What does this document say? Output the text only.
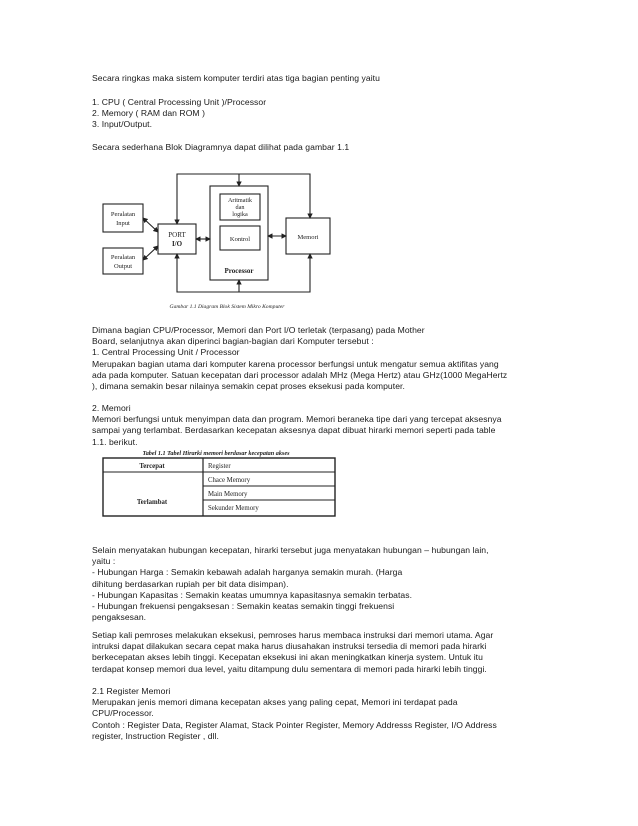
Secara ringkas maka sistem komputer terdiri atas tiga bagian penting yaitu
1. CPU ( Central Processing Unit )/Processor
2. Memory ( RAM dan ROM )
3. Input/Output.
Secara sederhana Blok Diagramnya dapat dilihat pada gambar 1.1
Peralatan
Input
Peralatan
Output
PORT
I/O
Aritmatik
dan
logika
Kontrol
Processor
Memori
Gambar 1.1 Diagram Blok Sistem Mikro Komputer
Dimana bagian CPU/Processor, Memori dan Port I/O terletak (terpasang) pada Mother
Board, selanjutnya akan diperinci bagian-bagian dari Komputer tersebut :
1. Central Processing Unit / Processor
Merupakan bagian utama dari komputer karena processor berfungsi untuk mengatur semua aktifitas yang
ada pada komputer. Satuan kecepatan dari processor adalah MHz (Mega Hertz) atau GHz(1000 MegaHertz
), dimana semakin besar nilainya semakin cepat proses eksekusi pada komputer.
2. Memori
Memori berfungsi untuk menyimpan data dan program. Memori beraneka tipe dari yang tercepat aksesnya
sampai yang terlambat. Berdasarkan kecepatan aksesnya dapat dibuat hirarki memori seperti pada table
1.1. berikut.
Tabel 1.1 Tabel Hirarki memori berdasar kecepatan akses
Tercepat
Terlambat
Register
Chace Memory
Main Memory
Sekunder Memory
Selain menyatakan hubungan kecepatan, hirarki tersebut juga menyatakan hubungan – hubungan lain,
yaitu :
- Hubungan Harga : Semakin kebawah adalah harganya semakin murah. (Harga
dihitung berdasarkan rupiah per bit data disimpan).
- Hubungan Kapasitas : Semakin keatas umumnya kapasitasnya semakin terbatas.
- Hubungan frekuensi pengaksesan : Semakin keatas semakin tinggi frekuensi
pengaksesan.
Setiap kali pemroses melakukan eksekusi, pemroses harus membaca instruksi dari memori utama. Agar
intruksi dapat dilakukan secara cepat maka harus diusahakan instruksi tersedia di memori pada hirarki
berkecepatan akses lebih tinggi. Kecepatan eksekusi ini akan meningkatkan kinerja system. Untuk itu
terdapat konsep memori dua level, yaitu ditampung dulu sementara di memori pada hirarki lebih tinggi.
2.1 Register Memori
Merupakan jenis memori dimana kecepatan akses yang paling cepat, Memori ini terdapat pada
CPU/Processor.
Contoh : Register Data, Register Alamat, Stack Pointer Register, Memory Addresss Register, I/O Address
register, Instruction Register , dll.
